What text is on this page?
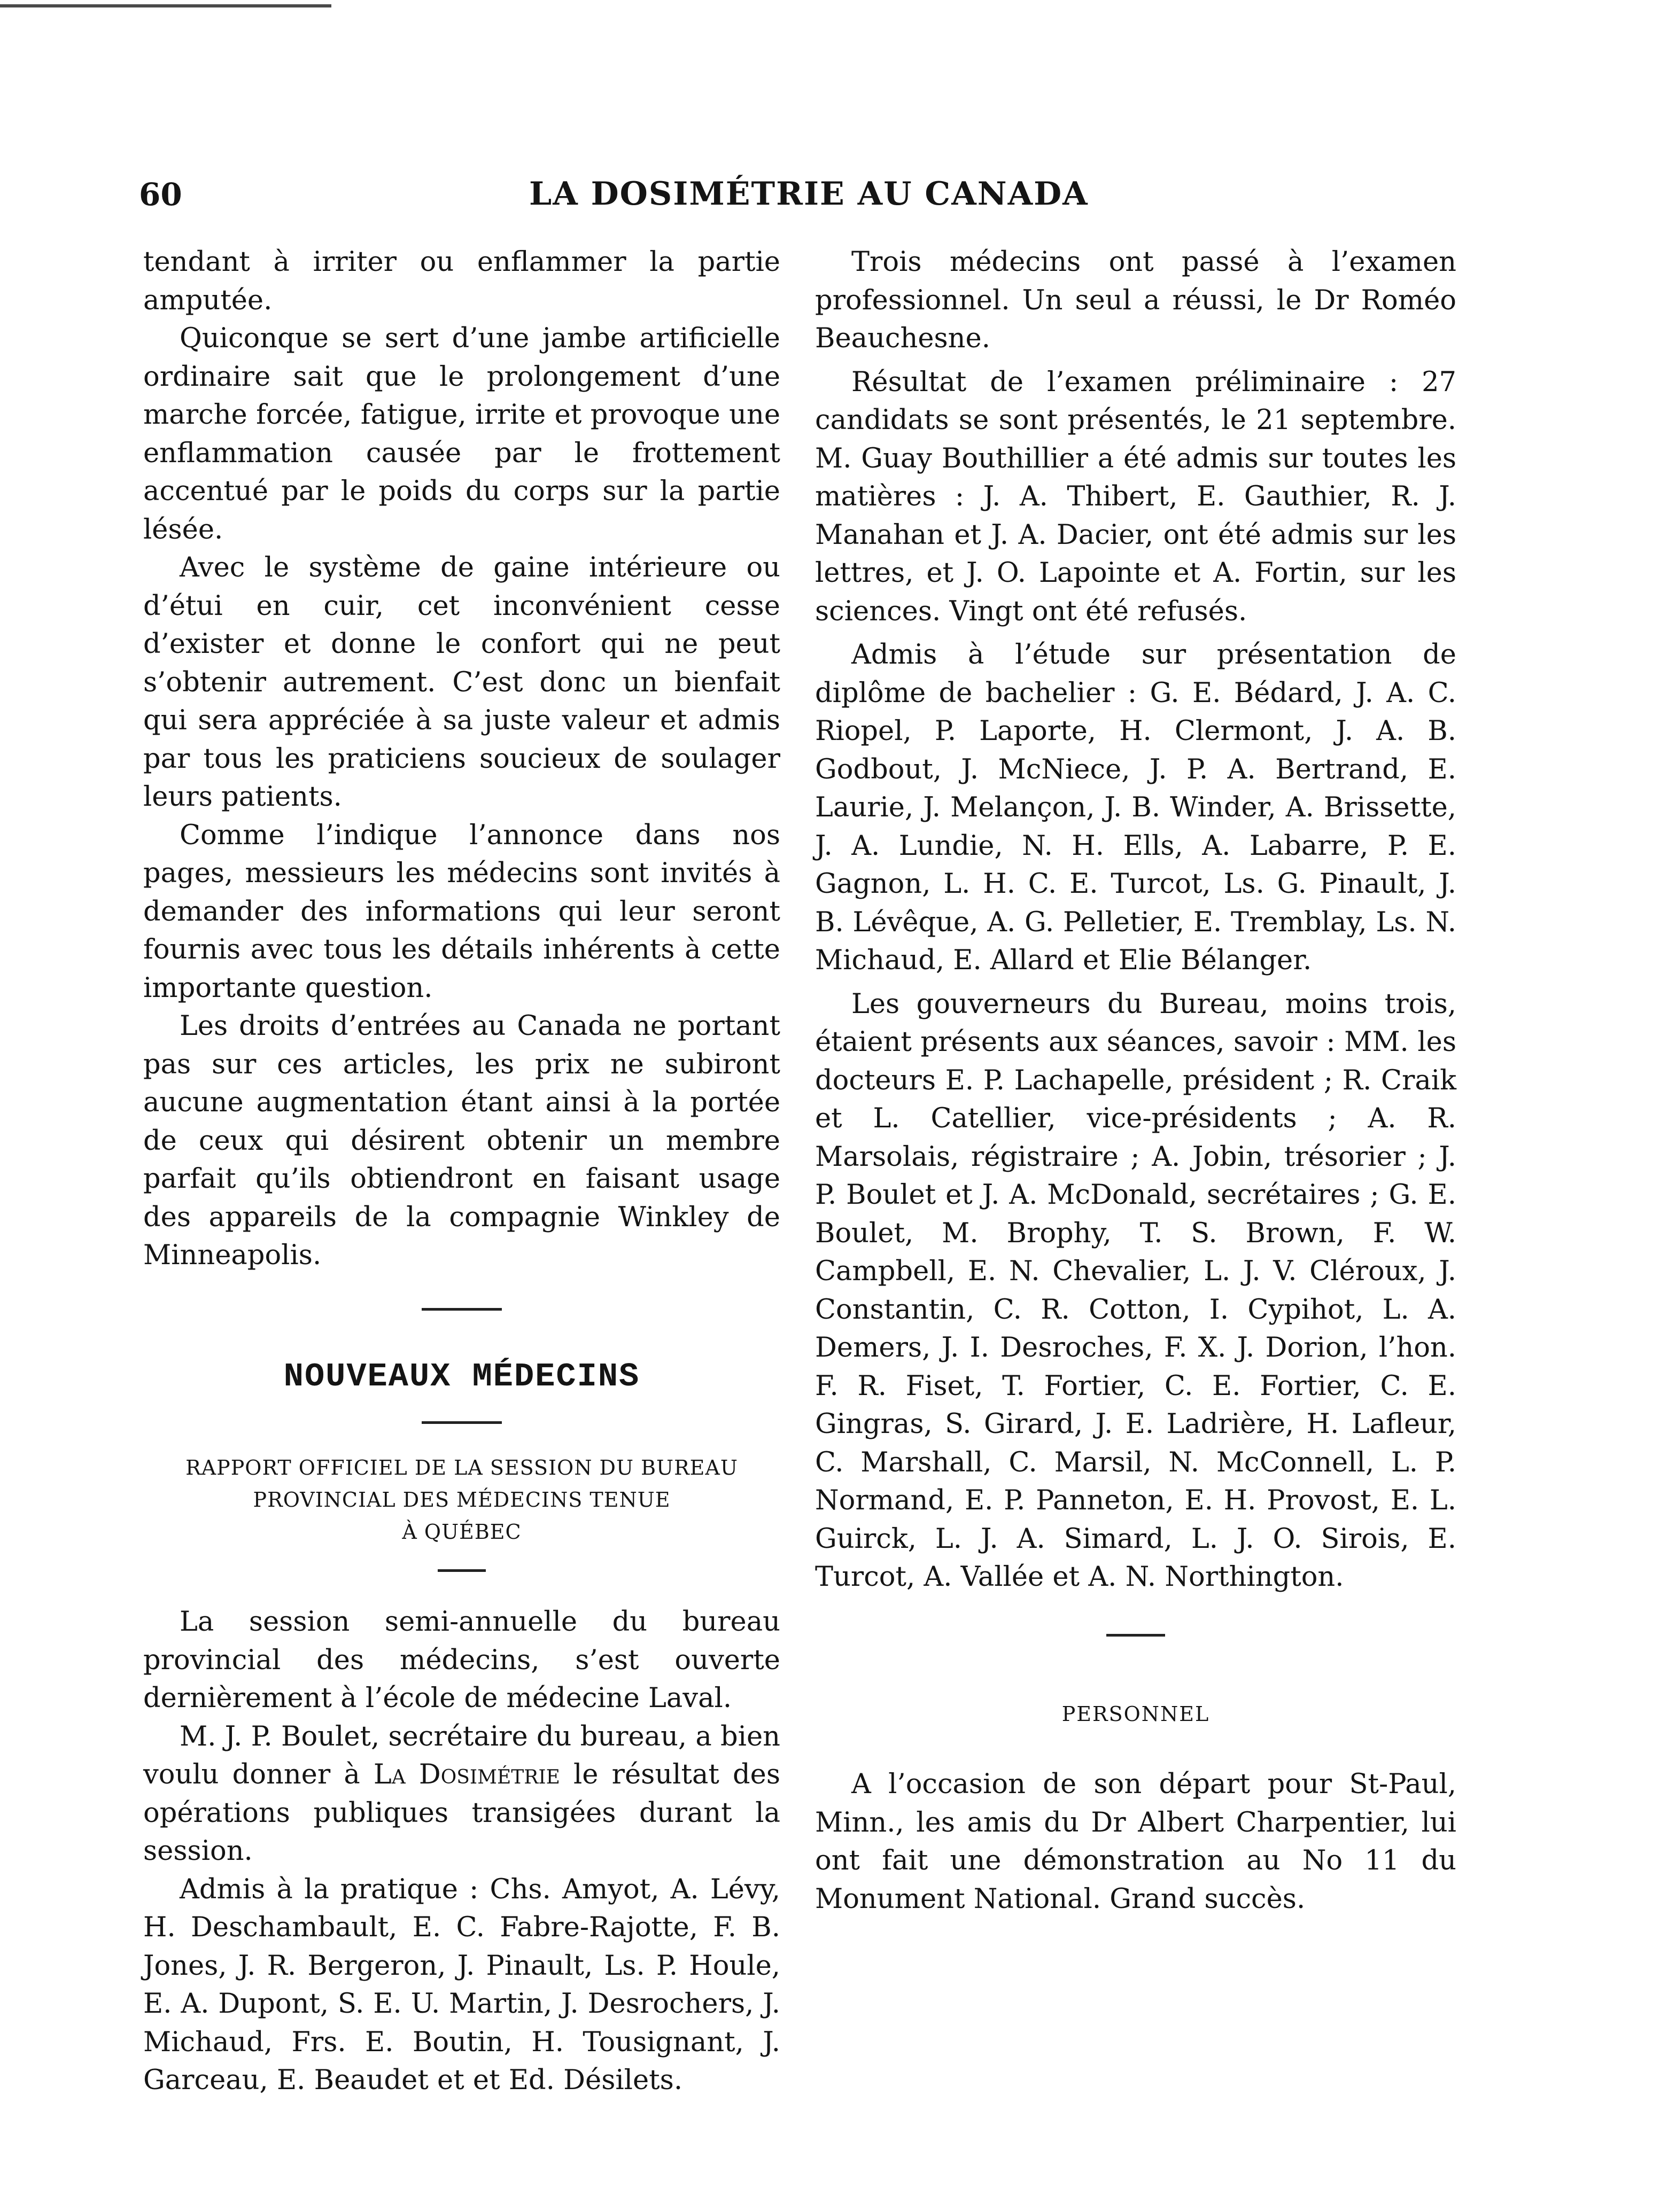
60	LA DOSIMÉTRIE AU CANADA

tendant à irriter ou enflammer la partie amputée.

Quiconque se sert d’une jambe artificielle ordinaire sait que le prolongement d’une marche forcée, fatigue, irrite et provoque une enflammation causée par le frottement accentué par le poids du corps sur la partie lésée.

Avec le système de gaine intérieure ou d’étui en cuir, cet inconvénient cesse d’exister et donne le confort qui ne peut s’obtenir autrement. C’est donc un bienfait qui sera appréciée à sa juste valeur et admis par tous les praticiens soucieux de soulager leurs patients.

Comme l’indique l’annonce dans nos pages, messieurs les médecins sont invités à demander des informations qui leur seront fournis avec tous les détails inhérents à cette importante question.

Les droits d’entrées au Canada ne portant pas sur ces articles, les prix ne subiront aucune augmentation étant ainsi à la portée de ceux qui désirent obtenir un membre parfait qu’ils obtiendront en faisant usage des appareils de la compagnie Winkley de Minneapolis.

NOUVEAUX MÉDECINS
RAPPORT OFFICIEL DE LA SESSION DU BUREAU
PROVINCIAL DES MÉDECINS TENUE
À QUÉBEC

La session semi-annuelle du bureau provincial des médecins, s’est ouverte dernièrement à l’école de médecine Laval.

M. J. P. Boulet, secrétaire du bureau, a bien voulu donner à La Dosimétrie le résultat des opérations publiques transigées durant la session.

Admis à la pratique : Chs. Amyot, A. Lévy, H. Deschambault, E. C. Fabre-Rajotte, F. B. Jones, J. R. Bergeron, J. Pinault, Ls. P. Houle, E. A. Dupont, S. E. U. Martin, J. Desrochers, J. Michaud, Frs. E. Boutin, H. Tousignant, J. Garceau, E. Beaudet et et Ed. Désilets.

Trois médecins ont passé à l’examen professionnel. Un seul a réussi, le Dr Roméo Beauchesne.

Résultat de l’examen préliminaire : 27 candidats se sont présentés, le 21 septembre. M. Guay Bouthillier a été admis sur toutes les matières : J. A. Thibert, E. Gauthier, R. J. Manahan et J. A. Dacier, ont été admis sur les lettres, et J. O. Lapointe et A. Fortin, sur les sciences. Vingt ont été refusés.

Admis à l’étude sur présentation de diplôme de bachelier : G. E. Bédard, J. A. C. Riopel, P. Laporte, H. Clermont, J. A. B. Godbout, J. McNiece, J. P. A. Bertrand, E. Laurie, J. Melançon, J. B. Winder, A. Brissette, J. A. Lundie, N. H. Ells, A. Labarre, P. E. Gagnon, L. H. C. E. Turcot, Ls. G. Pinault, J. B. Lévêque, A. G. Pelletier, E. Tremblay, Ls. N. Michaud, E. Allard et Elie Bélanger.

Les gouverneurs du Bureau, moins trois, étaient présents aux séances, savoir : MM. les docteurs E. P. Lachapelle, président ; R. Craik et L. Catellier, vice-présidents ; A. R. Marsolais, régistraire ; A. Jobin, trésorier ; J. P. Boulet et J. A. McDonald, secrétaires ; G. E. Boulet, M. Brophy, T. S. Brown, F. W. Campbell, E. N. Chevalier, L. J. V. Cléroux, J. Constantin, C. R. Cotton, I. Cypihot, L. A. Demers, J. I. Desroches, F. X. J. Dorion, l’hon. F. R. Fiset, T. Fortier, C. E. Fortier, C. E. Gingras, S. Girard, J. E. Ladrière, H. Lafleur, C. Marshall, C. Marsil, N. McConnell, L. P. Normand, E. P. Panneton, E. H. Provost, E. L. Guirck, L. J. A. Simard, L. J. O. Sirois, E. Turcot, A. Vallée et A. N. Northington.

PERSONNEL

A l’occasion de son départ pour St-Paul, Minn., les amis du Dr Albert Charpentier, lui ont fait une démonstration au No 11 du Monument National. Grand succès.
